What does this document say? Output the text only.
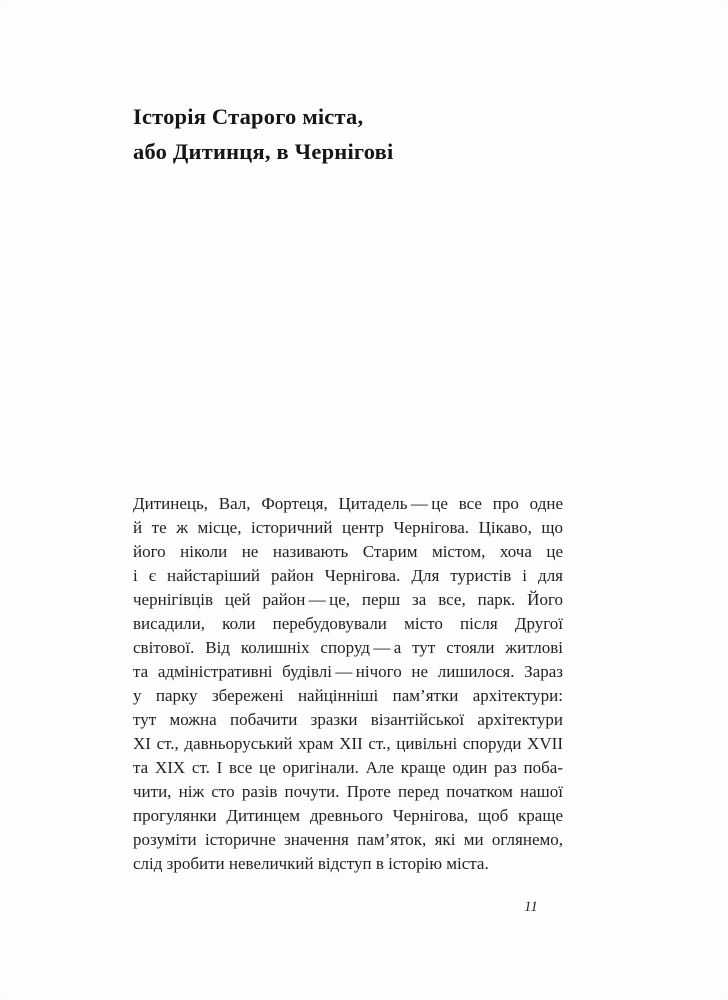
Історія Старого міста,
або Дитинця, в Чернігові
Дитинець, Вал, Фортеця, Цитадель — це все про одне
й те ж місце, історичний центр Чернігова. Цікаво, що
його ніколи не називають Старим містом, хоча це
і є найстаріший район Чернігова. Для туристів і для
чернігівців цей район — це, перш за все, парк. Його
висадили, коли перебудовували місто після Другої
світової. Від колишніх споруд — а тут стояли житлові
та адміністративні будівлі — нічого не лишилося. Зараз
у парку збережені найцінніші пам’ятки архітектури:
тут можна побачити зразки візантійської архітектури
XI ст., давньоруський храм XII ст., цивільні споруди XVII
та XIX ст. І все це оригінали. Але краще один раз поба-
чити, ніж сто разів почути. Проте перед початком нашої
прогулянки Дитинцем древнього Чернігова, щоб краще
розуміти історичне значення пам’яток, які ми оглянемо,
слід зробити невеличкий відступ в історію міста.
11
